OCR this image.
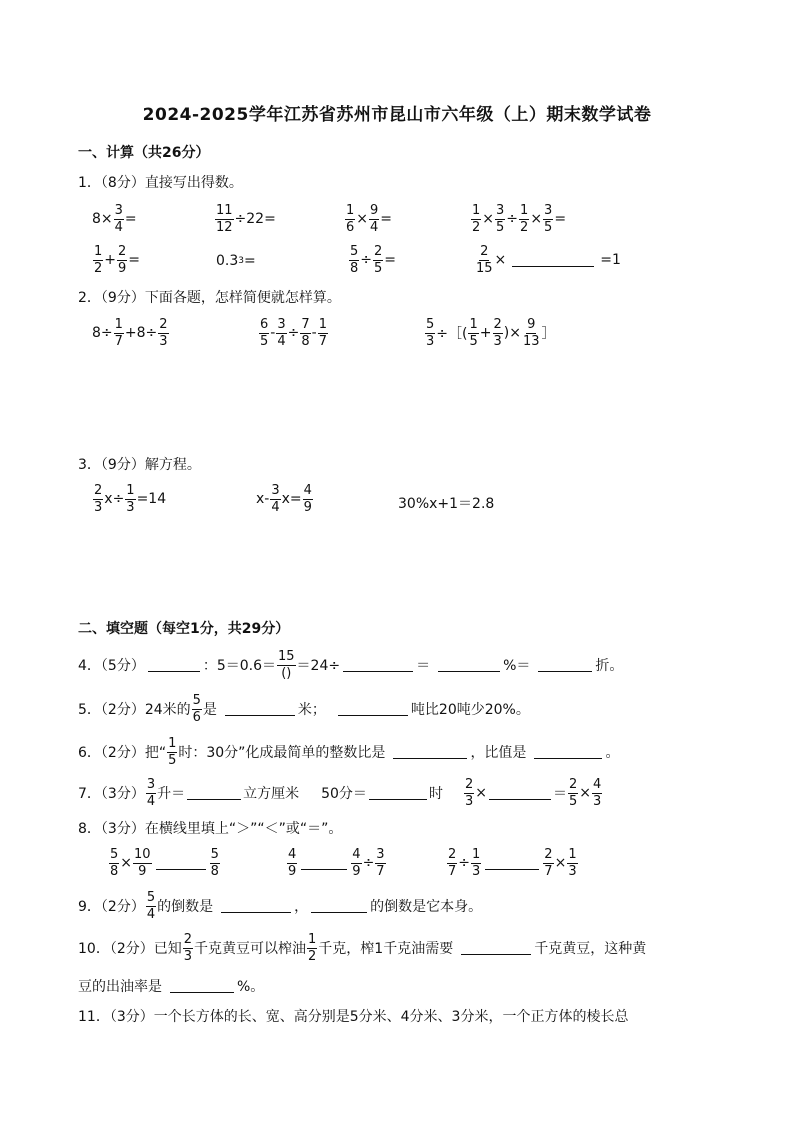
2024-2025学年江苏省苏州市昆山市六年级（上）期末数学试卷
一、计算（共26分）
1．（8分）直接写出得数。
$8\times \frac{3}{4}$ =	$\frac{11}{12} \div 22=$	$\frac{1}{6} \times \frac{9}{4}$ =	$\frac{1}{2} \times \frac{3}{5} \div \frac{1}{2} \times \frac{3}{5}$ =
$\frac{1}{2} + \frac{2}{9}$ =	0.3 3 =	$\frac{5}{8} \div \frac{2}{5}$ =	$\frac{2}{15}$ ×	=1
2．（9分）下面各题，怎样简便就怎样算。
$8\div \frac{1}{7} +8\div \frac{2}{3}$	$\frac{6}{5} - \frac{3}{4} \div \frac{7}{8} - \frac{1}{7}$	$\frac{5}{3}$ ÷［( $\frac{1}{5} + \frac{2}{3}$ )× $\frac{9}{13}$ ］
3．（9分）解方程。
$\frac{2}{3} x\div \frac{1}{3} =14$	$x- \frac{3}{4} x= \frac{4}{9}$	30%x+1＝2.8
二、填空题（每空1分，共29分）
4．（5分）	：$5=0.6= \frac{15}{()} =24\div$	＝	%＝	折。
5．（2分）24米的 $\frac{5}{6}$ 是	米；	吨比20吨少20%。
6．（2分）把“ $\frac{1}{5}$ 时：30分”化成最简单的整数比是	，比值是	。
7．（3分） $\frac{3}{4}$ 升＝	立方厘米 50分＝	时 $\frac{2}{3}$ ×	＝ $\frac{2}{5} \times \frac{4}{3}$
8．（3分）在横线里填上“＞”“＜”或“＝”。
$\frac{5}{8} \times \frac{10}{9}$	$\frac{5}{8}$	$\frac{4}{9}$	$\frac{4}{9} \div \frac{3}{7}$	$\frac{2}{7} \div \frac{1}{3}$	$\frac{2}{7} \times \frac{1}{3}$
9．（2分） $\frac{5}{4}$ 的倒数是	，	的倒数是它本身。
10．（2分）已知 $\frac{2}{3}$ 千克黄豆可以榨油 $\frac{1}{2}$ 千克，榨1千克油需要	千克黄豆，这种黄
豆的出油率是	%。
11．（3分）一个长方体的长、宽、高分别是5分米、4分米、3分米，一个正方体的棱长总
